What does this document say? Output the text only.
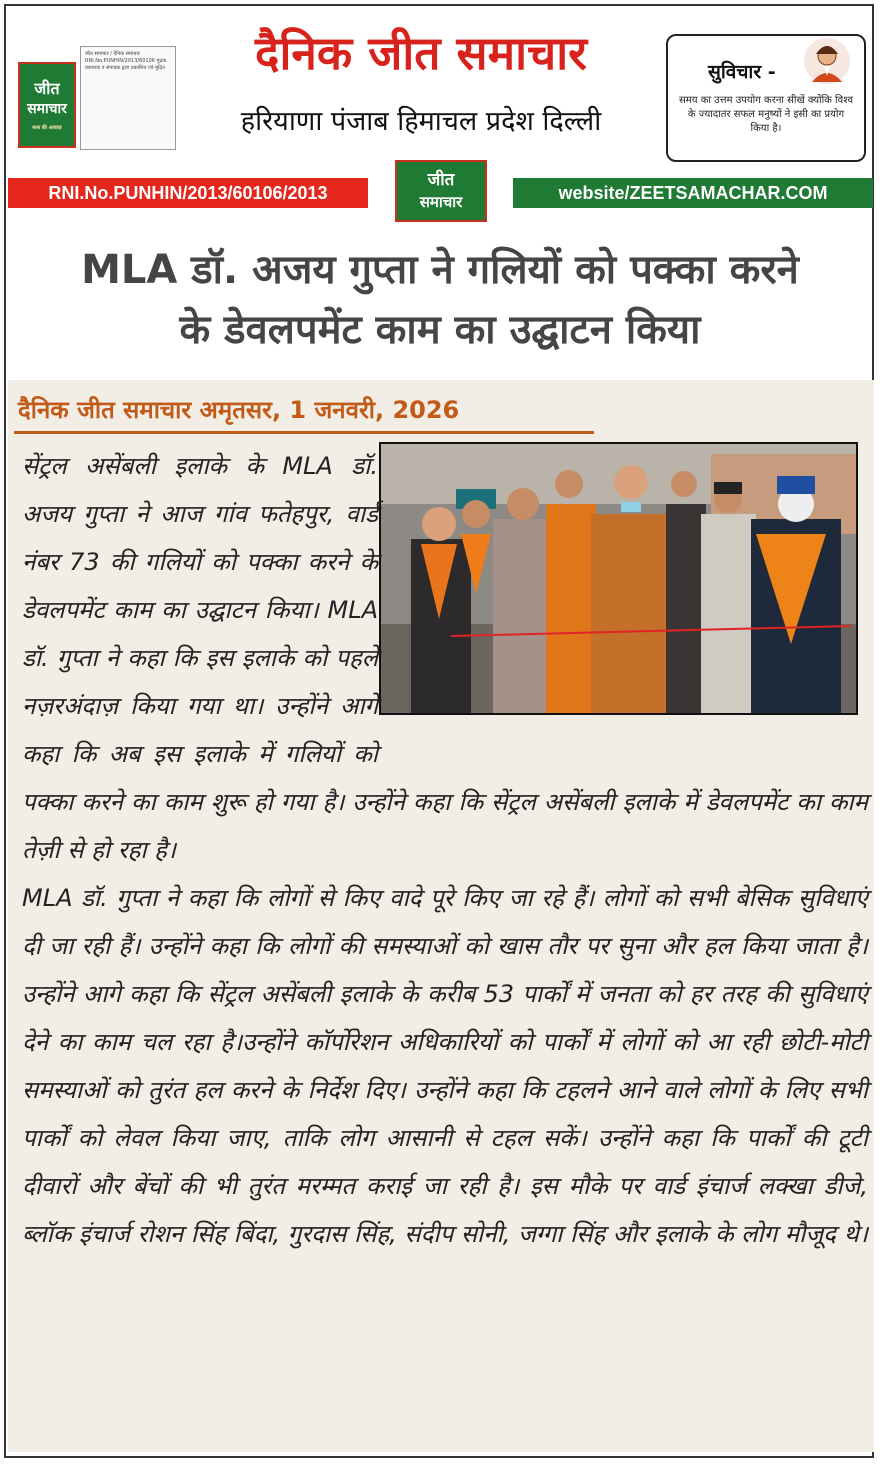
जीत
समाचार
सत्य की आवाज़
जीत समाचार / दैनिक समाचार RNI.No.PUNHIN/2013/60106 मुद्रक, प्रकाशक व संपादक द्वारा प्रकाशित एवं मुद्रित	दैनिक जीत समाचार
हरियाणा पंजाब हिमाचल प्रदेश दिल्ली
सुविचार -
समय का उत्तम उपयोग करना सीखें क्योंकि विश्व के ज्यादातर सफल मनुष्यों ने इसी का प्रयोग किया है।
RNI.No.PUNHIN/2013/60106/2013
जीत
समाचार	website/ZEETSAMACHAR.COM
MLA डॉ. अजय गुप्ता ने गलियों को पक्का करने
के डेवलपमेंट काम का उद्घाटन किया
दैनिक जीत समाचार अमृतसर, 1 जनवरी, 2026

सेंट्रल असेंबली इलाके के MLA डॉ. अजय गुप्ता ने आज गांव फतेहपुर, वार्ड नंबर 73 की गलियों को पक्का करने के डेवलपमेंट काम का उद्घाटन किया। MLA डॉ. गुप्ता ने कहा कि इस इलाके को पहले नज़रअंदाज़ किया गया था। उन्होंने आगे कहा कि अब इस इलाके में गलियों को पक्का करने का काम शुरू हो गया है। उन्होंने कहा कि सेंट्रल असेंबली इलाके में डेवलपमेंट का काम तेज़ी से हो रहा है।

MLA डॉ. गुप्ता ने कहा कि लोगों से किए वादे पूरे किए जा रहे हैं। लोगों को सभी बेसिक सुविधाएं दी जा रही हैं। उन्होंने कहा कि लोगों की समस्याओं को खास तौर पर सुना और हल किया जाता है। उन्होंने आगे कहा कि सेंट्रल असेंबली इलाके के करीब 53 पार्कों में जनता को हर तरह की सुविधाएं देने का काम चल रहा है।उन्होंने कॉर्पोरेशन अधिकारियों को पार्कों में लोगों को आ रही छोटी-मोटी समस्याओं को तुरंत हल करने के निर्देश दिए। उन्होंने कहा कि टहलने आने वाले लोगों के लिए सभी पार्कों को लेवल किया जाए, ताकि लोग आसानी से टहल सकें। उन्होंने कहा कि पार्कों की टूटी दीवारों और बेंचों की भी तुरंत मरम्मत कराई जा रही है। इस मौके पर वार्ड इंचार्ज लक्खा डीजे, ब्लॉक इंचार्ज रोशन सिंह बिंदा, गुरदास सिंह, संदीप सोनी, जग्गा सिंह और इलाके के लोग मौजूद थे।
